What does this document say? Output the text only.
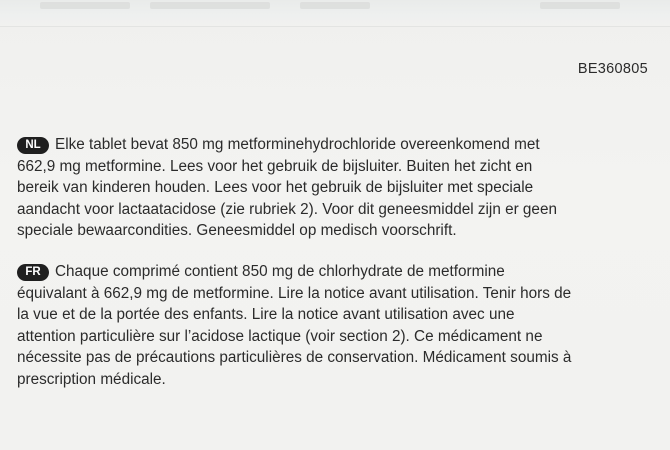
BE360805
NL Elke tablet bevat 850 mg metforminehydrochloride overeenkomend met
662,9 mg metformine. Lees voor het gebruik de bijsluiter. Buiten het zicht en
bereik van kinderen houden. Lees voor het gebruik de bijsluiter met speciale
aandacht voor lactaatacidose (zie rubriek 2). Voor dit geneesmiddel zijn er geen
speciale bewaarcondities. Geneesmiddel op medisch voorschrift.
FR Chaque comprimé contient 850 mg de chlorhydrate de metformine
équivalant à 662,9 mg de metformine. Lire la notice avant utilisation. Tenir hors de
la vue et de la portée des enfants. Lire la notice avant utilisation avec une
attention particulière sur l’acidose lactique (voir section 2). Ce médicament ne
nécessite pas de précautions particulières de conservation. Médicament soumis à
prescription médicale.
